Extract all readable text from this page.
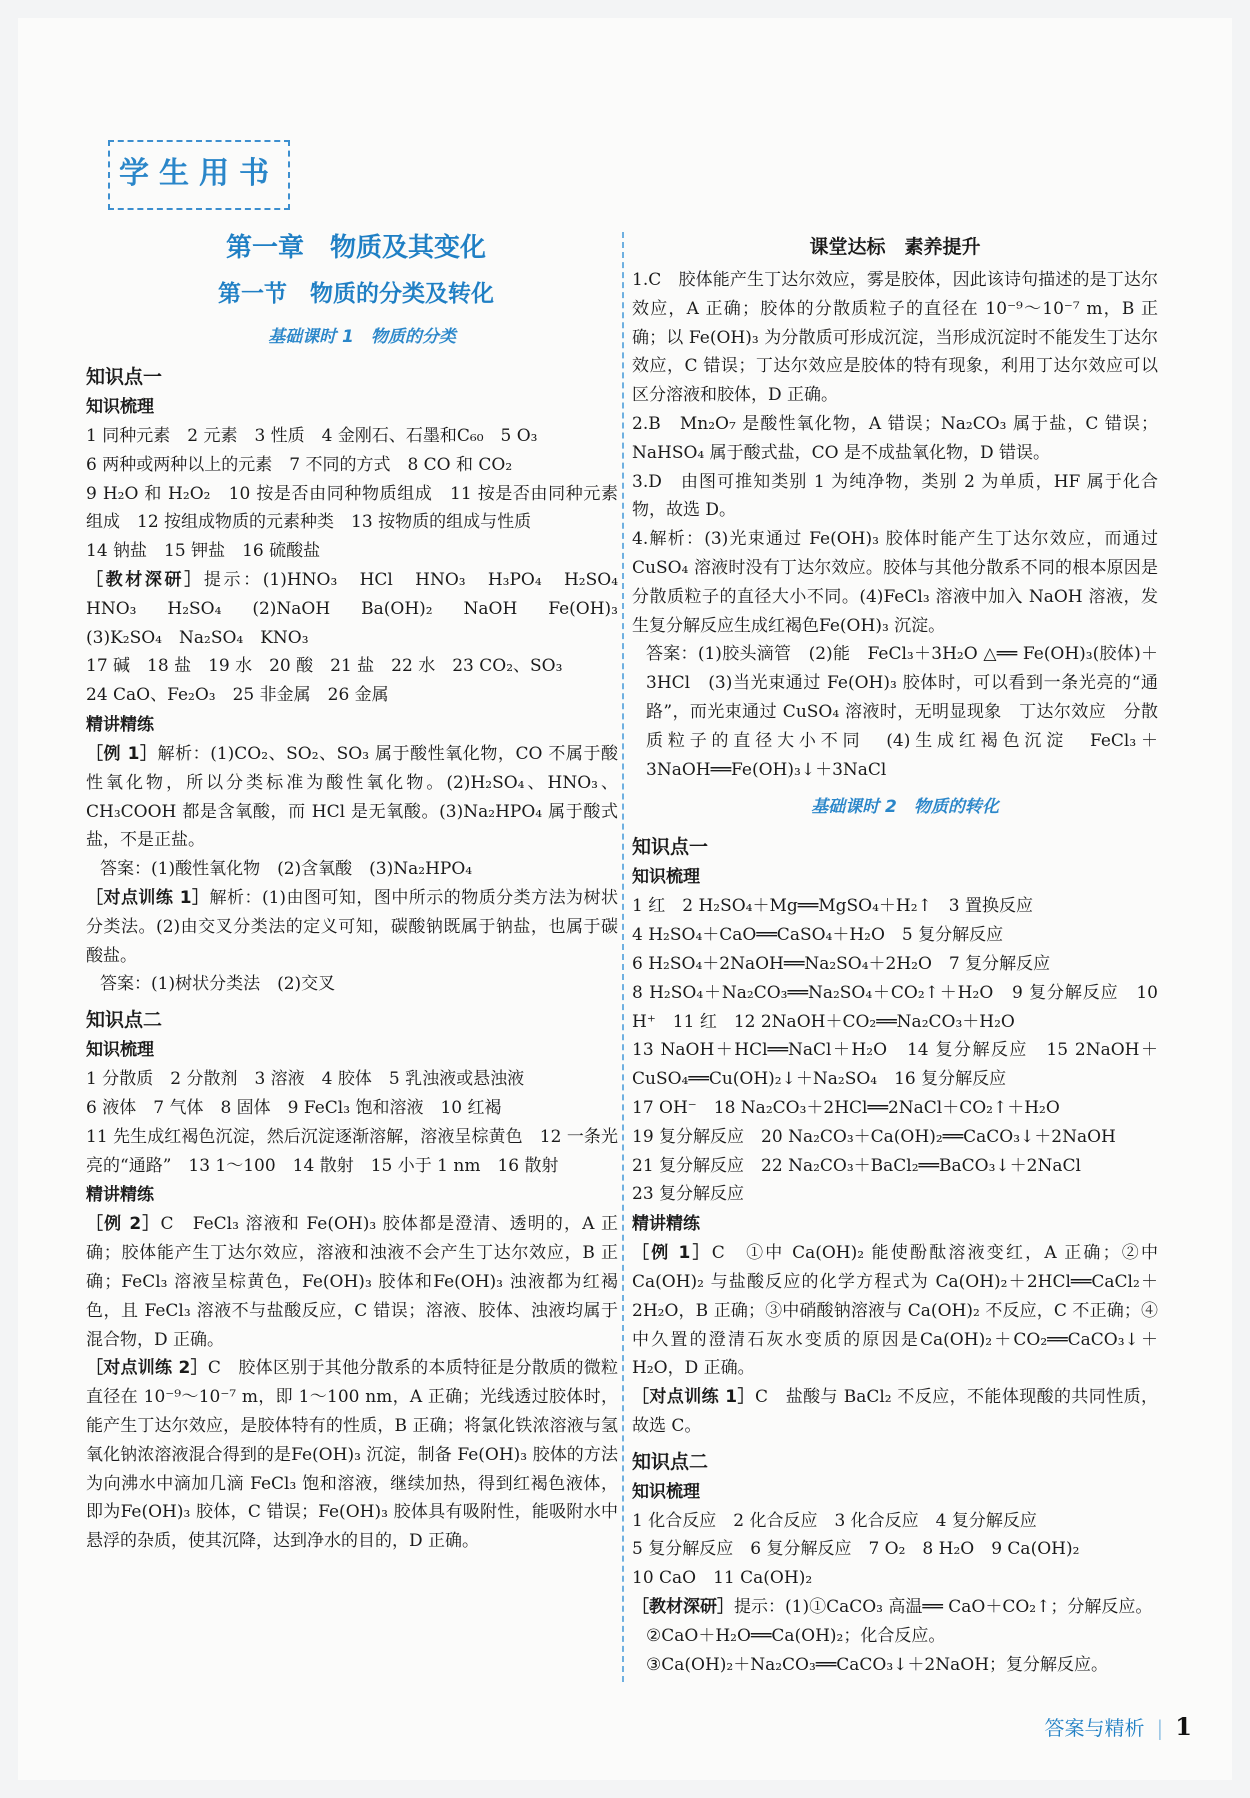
学生用书
第一章　物质及其变化
第一节　物质的分类及转化
基础课时 1　物质的分类
知识点一
知识梳理

1 同种元素　2 元素　3 性质　4 金刚石、石墨和C₆₀　5 O₃

6 两种或两种以上的元素　7 不同的方式　8 CO 和 CO₂

9 H₂O 和 H₂O₂　10 按是否由同种物质组成　11 按是否由同种元素组成　12 按组成物质的元素种类　13 按物质的组成与性质

14 钠盐　15 钾盐　16 硫酸盐

［教材深研］提示：(1)HNO₃　HCl　HNO₃　H₃PO₄　H₂SO₄　HNO₃　H₂SO₄　(2)NaOH　Ba(OH)₂　NaOH　Fe(OH)₃　(3)K₂SO₄　Na₂SO₄　KNO₃

17 碱　18 盐　19 水　20 酸　21 盐　22 水　23 CO₂、SO₃

24 CaO、Fe₂O₃　25 非金属　26 金属

精讲精练

［例 1］解析：(1)CO₂、SO₂、SO₃ 属于酸性氧化物，CO 不属于酸性氧化物，所以分类标准为酸性氧化物。(2)H₂SO₄、HNO₃、CH₃COOH 都是含氧酸，而 HCl 是无氧酸。(3)Na₂HPO₄ 属于酸式盐，不是正盐。

答案：(1)酸性氧化物　(2)含氧酸　(3)Na₂HPO₄

［对点训练 1］解析：(1)由图可知，图中所示的物质分类方法为树状分类法。(2)由交叉分类法的定义可知，碳酸钠既属于钠盐，也属于碳酸盐。

答案：(1)树状分类法　(2)交叉

知识点二
知识梳理

1 分散质　2 分散剂　3 溶液　4 胶体　5 乳浊液或悬浊液

6 液体　7 气体　8 固体　9 FeCl₃ 饱和溶液　10 红褐

11 先生成红褐色沉淀，然后沉淀逐渐溶解，溶液呈棕黄色　12 一条光亮的“通路”　13 1～100　14 散射　15 小于 1 nm　16 散射

精讲精练

［例 2］C　FeCl₃ 溶液和 Fe(OH)₃ 胶体都是澄清、透明的，A 正确；胶体能产生丁达尔效应，溶液和浊液不会产生丁达尔效应，B 正确；FeCl₃ 溶液呈棕黄色，Fe(OH)₃ 胶体和Fe(OH)₃ 浊液都为红褐色，且 FeCl₃ 溶液不与盐酸反应，C 错误；溶液、胶体、浊液均属于混合物，D 正确。

［对点训练 2］C　胶体区别于其他分散系的本质特征是分散质的微粒直径在 10⁻⁹～10⁻⁷ m，即 1～100 nm，A 正确；光线透过胶体时，能产生丁达尔效应，是胶体特有的性质，B 正确；将氯化铁浓溶液与氢氧化钠浓溶液混合得到的是Fe(OH)₃ 沉淀，制备 Fe(OH)₃ 胶体的方法为向沸水中滴加几滴 FeCl₃ 饱和溶液，继续加热，得到红褐色液体，即为Fe(OH)₃ 胶体，C 错误；Fe(OH)₃ 胶体具有吸附性，能吸附水中悬浮的杂质，使其沉降，达到净水的目的，D 正确。

课堂达标　素养提升

1.C　胶体能产生丁达尔效应，雾是胶体，因此该诗句描述的是丁达尔效应，A 正确；胶体的分散质粒子的直径在 10⁻⁹～10⁻⁷ m，B 正确；以 Fe(OH)₃ 为分散质可形成沉淀，当形成沉淀时不能发生丁达尔效应，C 错误；丁达尔效应是胶体的特有现象，利用丁达尔效应可以区分溶液和胶体，D 正确。

2.B　Mn₂O₇ 是酸性氧化物，A 错误；Na₂CO₃ 属于盐，C 错误；NaHSO₄ 属于酸式盐，CO 是不成盐氧化物，D 错误。

3.D　由图可推知类别 1 为纯净物，类别 2 为单质，HF 属于化合物，故选 D。

4.解析：(3)光束通过 Fe(OH)₃ 胶体时能产生丁达尔效应，而通过 CuSO₄ 溶液时没有丁达尔效应。胶体与其他分散系不同的根本原因是分散质粒子的直径大小不同。(4)FeCl₃ 溶液中加入 NaOH 溶液，发生复分解反应生成红褐色Fe(OH)₃ 沉淀。

答案：(1)胶头滴管　(2)能　FeCl₃＋3H₂O △══ Fe(OH)₃(胶体)＋3HCl　(3)当光束通过 Fe(OH)₃ 胶体时，可以看到一条光亮的“通路”，而光束通过 CuSO₄ 溶液时，无明显现象　丁达尔效应　分散质粒子的直径大小不同　(4)生成红褐色沉淀　FeCl₃＋3NaOH══Fe(OH)₃↓＋3NaCl

基础课时 2　物质的转化
知识点一
知识梳理

1 红　2 H₂SO₄＋Mg══MgSO₄＋H₂↑　3 置换反应

4 H₂SO₄＋CaO══CaSO₄＋H₂O　5 复分解反应

6 H₂SO₄＋2NaOH══Na₂SO₄＋2H₂O　7 复分解反应

8 H₂SO₄＋Na₂CO₃══Na₂SO₄＋CO₂↑＋H₂O　9 复分解反应　10 H⁺　11 红　12 2NaOH＋CO₂══Na₂CO₃＋H₂O

13 NaOH＋HCl══NaCl＋H₂O　14 复分解反应　15 2NaOH＋CuSO₄══Cu(OH)₂↓＋Na₂SO₄　16 复分解反应

17 OH⁻　18 Na₂CO₃＋2HCl══2NaCl＋CO₂↑＋H₂O

19 复分解反应　20 Na₂CO₃＋Ca(OH)₂══CaCO₃↓＋2NaOH

21 复分解反应　22 Na₂CO₃＋BaCl₂══BaCO₃↓＋2NaCl

23 复分解反应

精讲精练

［例 1］C　①中 Ca(OH)₂ 能使酚酞溶液变红，A 正确；②中 Ca(OH)₂ 与盐酸反应的化学方程式为 Ca(OH)₂＋2HCl══CaCl₂＋2H₂O，B 正确；③中硝酸钠溶液与 Ca(OH)₂ 不反应，C 不正确；④中久置的澄清石灰水变质的原因是Ca(OH)₂＋CO₂══CaCO₃↓＋H₂O，D 正确。

［对点训练 1］C　盐酸与 BaCl₂ 不反应，不能体现酸的共同性质，故选 C。

知识点二
知识梳理

1 化合反应　2 化合反应　3 化合反应　4 复分解反应

5 复分解反应　6 复分解反应　7 O₂　8 H₂O　9 Ca(OH)₂

10 CaO　11 Ca(OH)₂

［教材深研］提示：(1)①CaCO₃ 高温══ CaO＋CO₂↑；分解反应。

②CaO＋H₂O══Ca(OH)₂；化合反应。

③Ca(OH)₂＋Na₂CO₃══CaCO₃↓＋2NaOH；复分解反应。

答案与精析 | 1
